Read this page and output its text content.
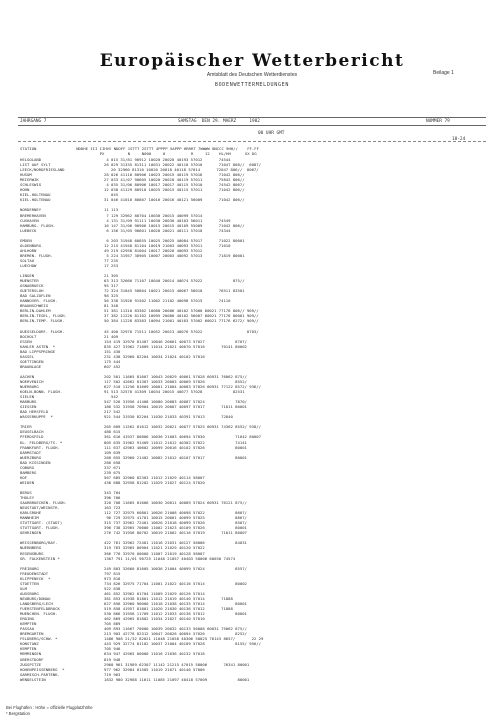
Europäischer Wetterbericht
Amtsblatt des Deutschen Wetterdienstes	Beilage 1
BODENWETTERMELDUNGEN
JAHRGANG 7	SAMSTAG  DEN 29. MAERZ     1982	NUMMER 79
00 UHR GMT
18-24
STATION                 NDDHE III IIHVV NDDFF 1STTT 2STTT 4PPPP 5APPP 6RRRT 7WWWW 8NCCC 9HH//    FF-FF
PX          N     N000     0           R     12    HL/HH      XX DG
HELGOLAND	4 015 31/81 90912 10020 20020 40193 57012       74544
LIST AUF SYLT	26 029 31335 81311 10031 20022 40118 57010       71047 808//  6087/
LEECK/NORDFRIESLAND	20 32960 81310 10020 20018 40118 57014       72047 806//  8067/
HUSUM	28 026 41118 80906 10023 20015 40119 57016       71042 806//
MEIERWIK	27 033 41/07 90605 10020 20018 40119 57011       75842 806//
SCHLESWIG	4 035 31/06 80906 10017 20017 40115 57010       74542 8067/
HOHN	12 038 41129 80910 10025 20015 40115 57011       71042 806//
KIEL-HOLTENAU	045
KIEL-HOLTENAU	31 046 41010 80807 10016 20016 40121 56009       71042 806//
NORDERNEY	11 113
BREMERHAVEN	7 129 32962 80704 10030 20015 40099 57014
CUXHAVEN	4 131 31/09 91111 10030 20030 40103 56011       74549
HAMBURG. FLUGH.	16 147 31/06 90906 10015 20015 40109 55009       71042 806//
LUEBECK	6 156 31/05 90601 10020 20021 40111 57010       74344
EMDEN	6 203 31948 60855 10025 20025 40084 57017       71022 80001
OLDENBURG	12 215 41948 81104 10019 21003 40093 57011       71010
AHLHORN	49 219 42958 81004 10017 20020 40093 57012
BREMEN. FLUGH.	5 224 31957 30905 10007 20003 40092 57013       71819 80001
SOLTAU	77 235
LUECHOW	17 253
LINGEN	21 305
MUENSTER	63 313 32660 71107 10040 20014 40074 57022             875//
OSNABRUECK	95 317
GUETERSLOH	72 324 31845 50804 10021 20015 40067 58010       76511 83501
BAD SALZUFLEN	98 325
HANNOVER. FLUGH.	56 338 31926 91502 11002 21102 40098 57015       74110
BRAUNSCHWEIG	81 348
BERLIN-DAHLEM	51 381 11310 83302 10088 20086 40102 57000 60021 77176 806// 909//
BERLIN-TEGEL, FLUGH.	37 382 11220 81102 10095 20080 40102 56007 60021 77176 80001 909//
BERLIN-TEMP. FLUGH.	50 384 11228 83303 10094 21001 40103 57002 60021 77176 6272/ 909//
DUESSELDORF. FLUGH.	45 400 32970 71511 10052 20013 40076 57022                   8703/
BOCHOLT	21 409
ESSEN	154 419 32970 81407 10046 20001 40073 57027             8707/
KAHLER ASTEN  *	835 427 31962 71809 11014 21021 40070 57016       70141 80002
BAD LIPPSPRINGE	151 430
KASSEL	231 438 32960 82204 10034 21024 40102 57016
GOETTINGEN	175 444
BRAUNLAGE	607 452
AACHEN	202 501 11665 81607 10043 20029 40061 57028 60931 76062 875//
NOERVENICH	117 502 42662 81307 10033 20003 40069 57026             8552/
NUERBURG	627 510 11256 81609 10001 21004 40083 57026 60931 77122 8572/ 936//
KOELN-BONN. FLUGH.	91 513 32570 41309 10034 20015 40077 57028             82531
SIELEN	542
MARBURG	547 526 31956 41408 10080 20083 40087 57024             7870/
GIESSEN	186 532 31958 70904 10019 20007 40097 57017       71011 80001
BAD HERSFELD	217 542
WASSERKUPPE  *	921 544 31930 82204 11030 21033 40391 57013       72840
TRIER	265 609 11562 81612 10032 20021 40077 57025 60931 74362 8552/ 938//
DEUSELBACH	480 615
PFERDSFELD	361 616 41937 80806 10036 21003 40094 57030             71042 80007
KL. FELDBERG/TS. *	805 635 31962 91409 11012 21012 40302 57022             74141
FRANKFURT. FLUGH.	111 637 42963 40602 10099 20016 40102 57026             80001
DARMSTADT	109 639
WUERZBURG	268 655 32960 21402 10082 21012 40107 57017             80001
BAD KISSINGEN	280 658
COBURG	337 671
BAMBERG	239 675
HOF	567 685 32960 82303 11012 21029 40114 58007
WEIDEN	438 688 32958 81202 11029 21027 40124 57020
BERUS	343 704
THOLEY	396 706
SAARBRUECKEN. FLUGH.	320 708 11665 81606 10030 20011 40089 57024 60931 76121 875//
NEUSTADT/WEINSTR.	163 723
KARLSRUHE	112 727 32975 60801 10026 21008 40098 57022             8607/
MANNHEIM	96 729 32975 41701 10015 20001 40099 57025             8667/
STUTTGART. (STADT)	315 737 32962 72401 10026 21018 40099 57026             8507/
STUTTGART. FLUGH.	396 738 32965 70000 11002 21023 40109 57026             80001
OEHRINGEN	276 742 31956 80702 10019 21002 40116 57019       71011 80007
WEISSENBURG/BAY.	422 761 32962 72401 11016 21031 40127 58006             84031
NUERNBERG	319 763 32965 80904 11021 21029 40120 57022
REGENSBURG	366 776 32970 00000 11007 21019 40128 58007
GR. FALKENSTEIN *	1307 791 11/01 90725 11048 21057 40403 58006 60030 74574
FREIBURG	249 803 32660 81605 10036 21004 40099 57024             8557/
FREUDENSTADT	797 815
KLIPPENECK  *	973 818
STOETTEN	734 826 32975 71704 11001 21022 40116 57014             80002
ULM	522 838
AUGSBURG	461 852 32962 01704 11009 21029 40126 57014
NEUBURG/DONAU	381 853 41938 81801 11012 21019 40140 57014       71888
LANDSBERG/LECH	627 856 32960 90000 11018 21038 40135 57014             80001
FUERSTENFELDBRUCK	519 858 41957 81801 11020 21030 40136 57012       71888
MUENCHEN. FLUGH.	530 866 31958 11709 11012 21033 40136 57012             80001
ERDING	462 869 42965 81802 11034 21027 40140 57010
KEMPTEN	705 869
PASSAU	409 893 11667 70000 10039 20032 40133 56008 60031 75062 875//
BREMGARTEN	213 903 42778 82312 10047 20026 40094 57026             8252/
FELDBERG/SCHW. *	1486 908 21/32 82021 11048 21058 40306 58025 76143 8657/       22 29
KONSTANZ	443 929 32774 81102 10037 21004 40109 57028             8155/ 956//
KEMPTEN	705 946
MEMMINGEN	634 947 42965 00000 11016 21036 40132 57016
OBERSTDORF	819 948
ZUGSPITZE	2960 961 31989 62307 11142 21215 47015 58006       76341 80001
HOHENPEISSENBERG  *	977 962 32984 81505 11019 21071 40146 57006
GARMISCH-PARTENK.	719 963
WENDELSTEIN	1832 980 32988 11611 11085 21097 40418 57009             80001
Bei Flughäfen : Höhe = offizielle Flugplatzhöhe
* Bergstation
